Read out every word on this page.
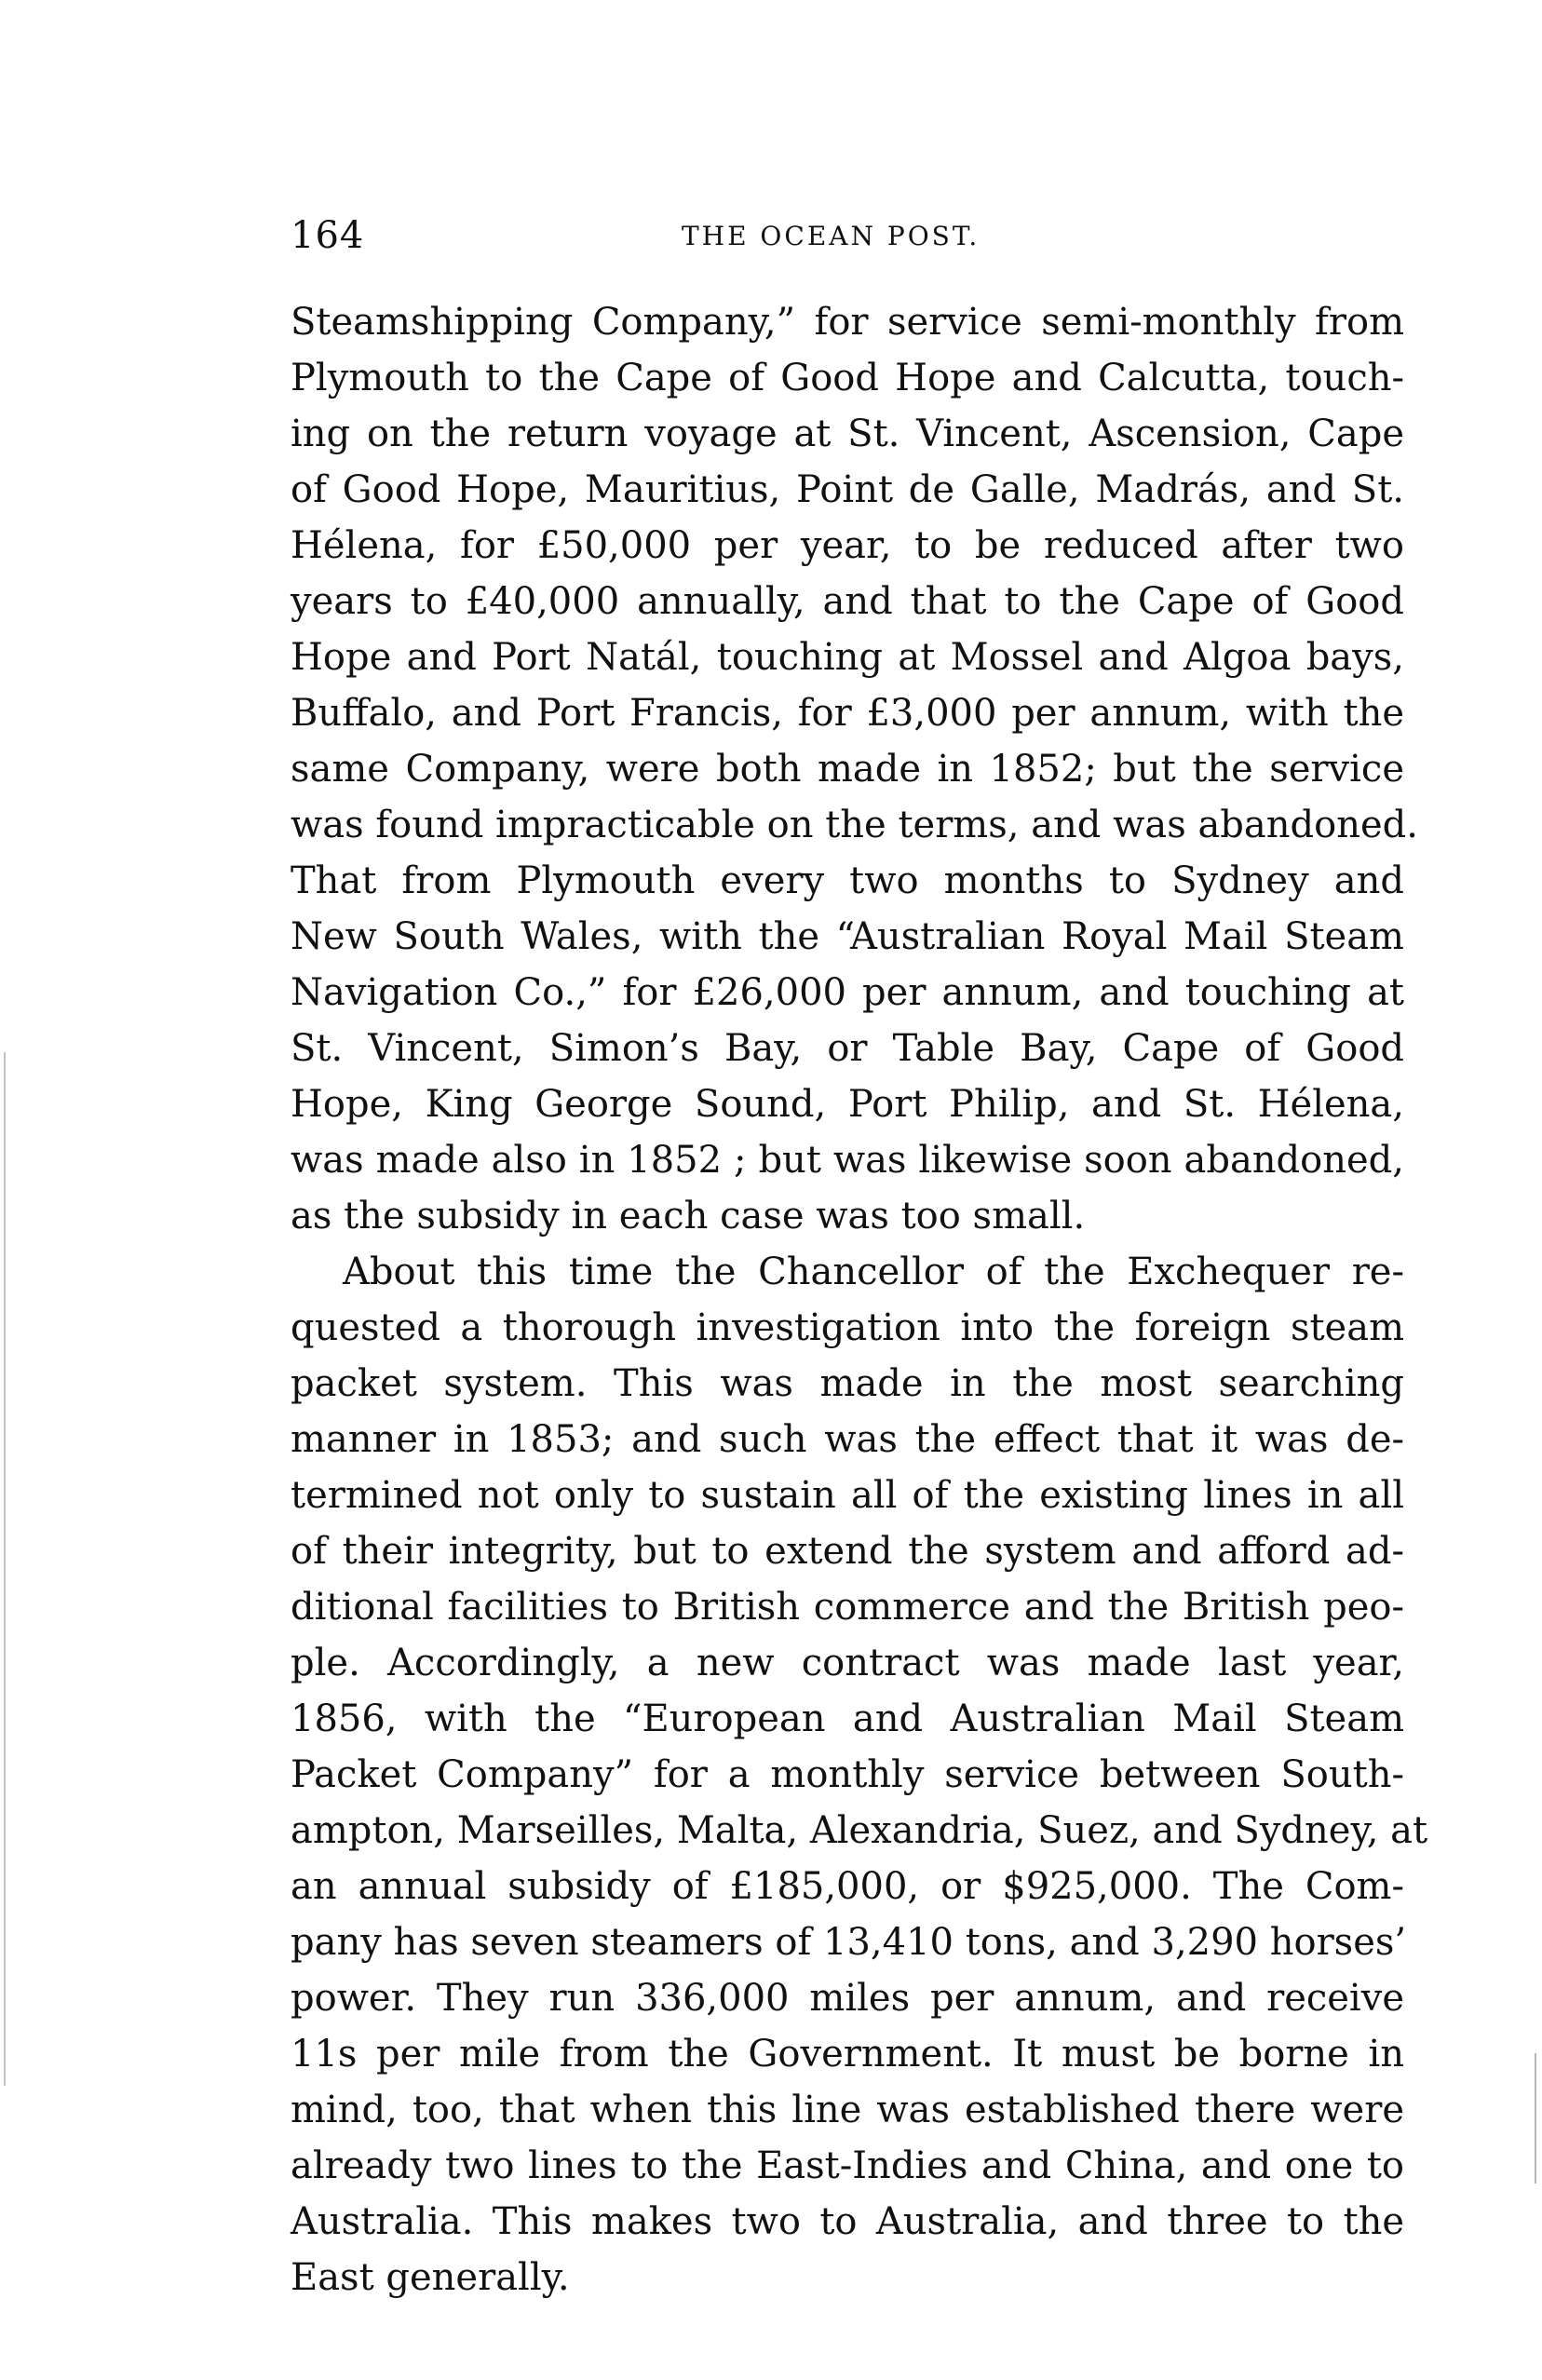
164	THE OCEAN POST.
Steamshipping Company,” for service semi-monthly from
Plymouth to the Cape of Good Hope and Calcutta, touch-
ing on the return voyage at St. Vincent, Ascension, Cape
of Good Hope, Mauritius, Point de Galle, Madrás, and St.
Hélena, for £50,000 per year, to be reduced after two
years to £40,000 annually, and that to the Cape of Good
Hope and Port Natál, touching at Mossel and Algoa bays,
Buffalo, and Port Francis, for £3,000 per annum, with the
same Company, were both made in 1852; but the service
was found impracticable on the terms, and was abandoned.
That from Plymouth every two months to Sydney and
New South Wales, with the “Australian Royal Mail Steam
Navigation Co.,” for £26,000 per annum, and touching at
St. Vincent, Simon’s Bay, or Table Bay, Cape of Good
Hope, King George Sound, Port Philip, and St. Hélena,
was made also in 1852 ; but was likewise soon abandoned,
as the subsidy in each case was too small.
About this time the Chancellor of the Exchequer re-
quested a thorough investigation into the foreign steam
packet system. This was made in the most searching
manner in 1853; and such was the effect that it was de-
termined not only to sustain all of the existing lines in all
of their integrity, but to extend the system and afford ad-
ditional facilities to British commerce and the British peo-
ple. Accordingly, a new contract was made last year,
1856, with the “European and Australian Mail Steam
Packet Company” for a monthly service between South-
ampton, Marseilles, Malta, Alexandria, Suez, and Sydney, at
an annual subsidy of £185,000, or $925,000. The Com-
pany has seven steamers of 13,410 tons, and 3,290 horses’
power. They run 336,000 miles per annum, and receive
11s per mile from the Government. It must be borne in
mind, too, that when this line was established there were
already two lines to the East-Indies and China, and one to
Australia. This makes two to Australia, and three to the
East generally.
